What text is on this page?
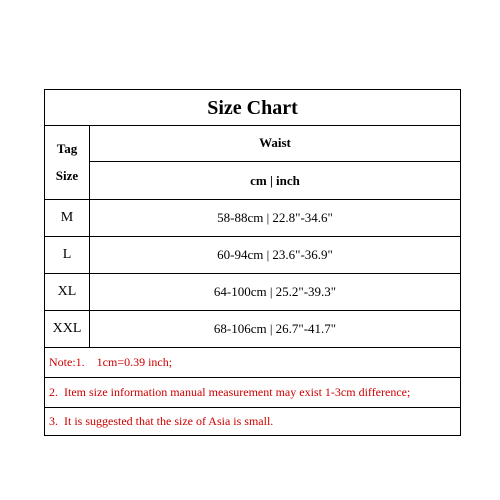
Size Chart
Tag
Size
Waist
cm | inch
M	58-88cm | 22.8"-34.6"
L	60-94cm | 23.6"-36.9"
XL	64-100cm | 25.2"-39.3"
XXL	68-106cm | 26.7"-41.7"
Note:1.    1cm=0.39 inch;
2.  Item size information manual measurement may exist 1-3cm difference;
3.  It is suggested that the size of Asia is small.
